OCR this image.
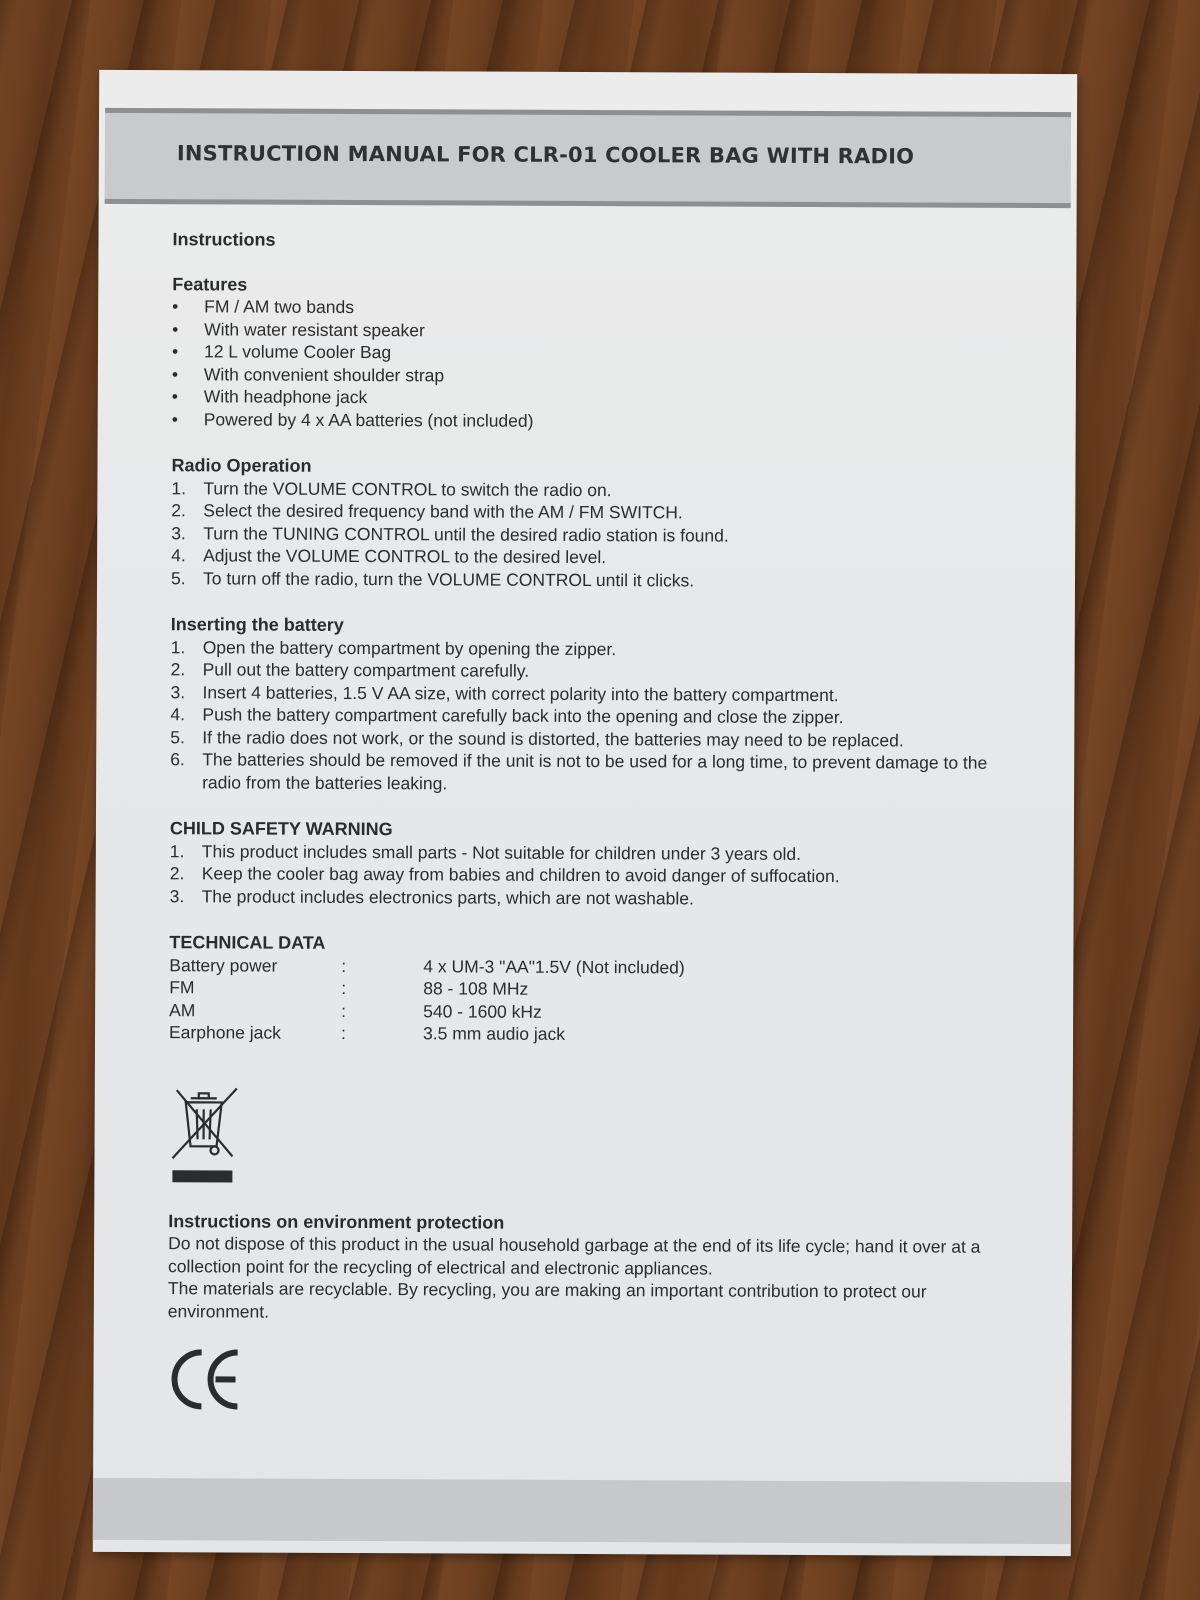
INSTRUCTION MANUAL FOR CLR-01 COOLER BAG WITH RADIO

Instructions

Features

• FM / AM two bands
• With water resistant speaker
• 12 L volume Cooler Bag
• With convenient shoulder strap
• With headphone jack
• Powered by 4 x AA batteries (not included)

Radio Operation

1. Turn the VOLUME CONTROL to switch the radio on.
2. Select the desired frequency band with the AM / FM SWITCH.
3. Turn the TUNING CONTROL until the desired radio station is found.
4. Adjust the VOLUME CONTROL to the desired level.
5. To turn off the radio, turn the VOLUME CONTROL until it clicks.

Inserting the battery

1. Open the battery compartment by opening the zipper.
2. Pull out the battery compartment carefully.
3. Insert 4 batteries, 1.5 V AA size, with correct polarity into the battery compartment.
4. Push the battery compartment carefully back into the opening and close the zipper.
5. If the radio does not work, or the sound is distorted, the batteries may need to be replaced.
6. The batteries should be removed if the unit is not to be used for a long time, to prevent damage to the radio from the batteries leaking.

CHILD SAFETY WARNING

1. This product includes small parts - Not suitable for children under 3 years old.
2. Keep the cooler bag away from babies and children to avoid danger of suffocation.
3. The product includes electronics parts, which are not washable.

TECHNICAL DATA

Battery power	:	4 x UM-3 "AA"1.5V (Not included)
FM	:	88 - 108 MHz
AM	:	540 - 1600 kHz
Earphone jack	:	3.5 mm audio jack

Instructions on environment protection

Do not dispose of this product in the usual household garbage at the end of its life cycle; hand it over at a collection point for the recycling of electrical and electronic appliances.

The materials are recyclable. By recycling, you are making an important contribution to protect our environment.
